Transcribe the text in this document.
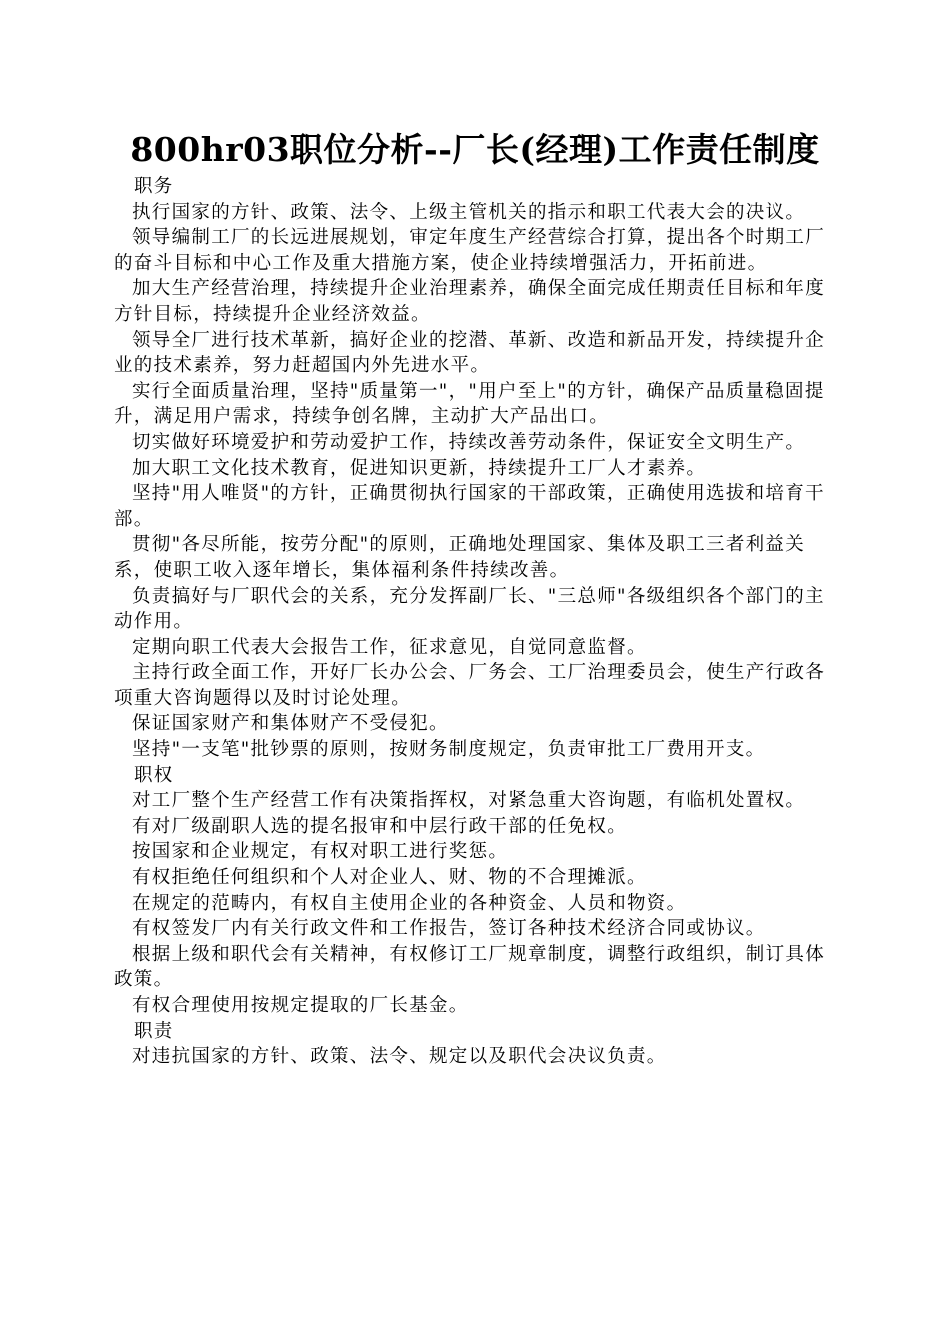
800hr03职位分析--厂长(经理)工作责任制度

职务

执行国家的方针、政策、法令、上级主管机关的指示和职工代表大会的决议。

领导编制工厂的长远进展规划，审定年度生产经营综合打算，提出各个时期工厂的奋斗目标和中心工作及重大措施方案，使企业持续增强活力，开拓前进。

加大生产经营治理，持续提升企业治理素养，确保全面完成任期责任目标和年度方针目标，持续提升企业经济效益。

领导全厂进行技术革新，搞好企业的挖潜、革新、改造和新品开发，持续提升企业的技术素养，努力赶超国内外先进水平。

实行全面质量治理，坚持"质量第一"，"用户至上"的方针，确保产品质量稳固提升，满足用户需求，持续争创名牌，主动扩大产品出口。

切实做好环境爱护和劳动爱护工作，持续改善劳动条件，保证安全文明生产。

加大职工文化技术教育，促进知识更新，持续提升工厂人才素养。

坚持"用人唯贤"的方针，正确贯彻执行国家的干部政策，正确使用选拔和培育干部。

贯彻"各尽所能，按劳分配"的原则，正确地处理国家、集体及职工三者利益关系，使职工收入逐年增长，集体福利条件持续改善。

负责搞好与厂职代会的关系，充分发挥副厂长、"三总师"各级组织各个部门的主动作用。

定期向职工代表大会报告工作，征求意见，自觉同意监督。

主持行政全面工作，开好厂长办公会、厂务会、工厂治理委员会，使生产行政各项重大咨询题得以及时讨论处理。

保证国家财产和集体财产不受侵犯。

坚持"一支笔"批钞票的原则，按财务制度规定，负责审批工厂费用开支。

职权

对工厂整个生产经营工作有决策指挥权，对紧急重大咨询题，有临机处置权。

有对厂级副职人选的提名报审和中层行政干部的任免权。

按国家和企业规定，有权对职工进行奖惩。

有权拒绝任何组织和个人对企业人、财、物的不合理摊派。

在规定的范畴内，有权自主使用企业的各种资金、人员和物资。

有权签发厂内有关行政文件和工作报告，签订各种技术经济合同或协议。

根据上级和职代会有关精神，有权修订工厂规章制度，调整行政组织，制订具体政策。

有权合理使用按规定提取的厂长基金。

职责

对违抗国家的方针、政策、法令、规定以及职代会决议负责。
